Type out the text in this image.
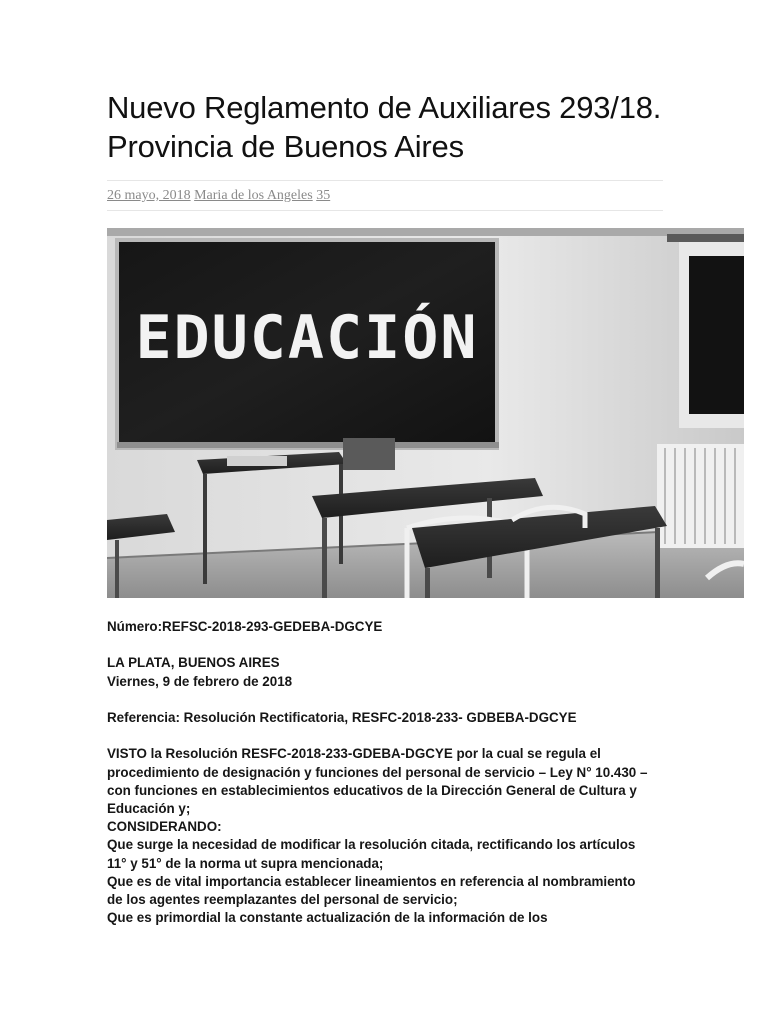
Nuevo Reglamento de Auxiliares 293/18. Provincia de Buenos Aires
26 mayo, 2018 Maria de los Angeles 35
EDUCACIÓN

Número:REFSC-2018-293-GEDEBA-DGCYE

LA PLATA, BUENOS AIRES

Viernes, 9 de febrero de 2018

Referencia: Resolución Rectificatoria, RESFC-2018-233- GDBEBA-DGCYE

VISTO la Resolución RESFC-2018-233-GDEBA-DGCYE por la cual se regula el procedimiento de designación y funciones del personal de servicio – Ley N° 10.430 – con funciones en establecimientos educativos de la Dirección General de Cultura y Educación y;

CONSIDERANDO:

Que surge la necesidad de modificar la resolución citada, rectificando los artículos 11° y 51° de la norma ut supra mencionada;

Que es de vital importancia establecer lineamientos en referencia al nombramiento de los agentes reemplazantes del personal de servicio;

Que es primordial la constante actualización de la información de los
